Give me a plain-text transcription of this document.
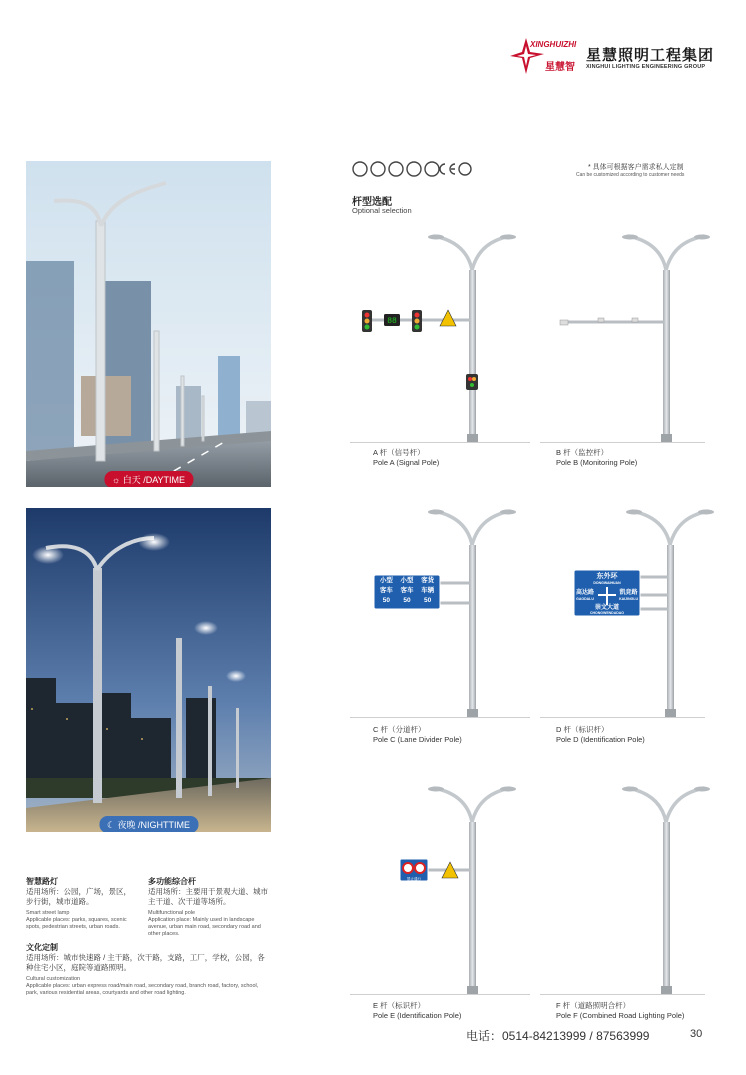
XINGHUIZHI
星慧智
星慧照明工程集团
XINGHUI LIGHTING ENGINEERING GROUP
☼ 白天 /DAYTIME
☾ 夜晚 /NIGHTTIME
智慧路灯
适用场所：公园，广场，景区，步行街，城市道路。
Smart street lamp
Applicable places: parks, squares, scenic spots, pedestrian streets, urban roads.
多功能综合杆
适用场所：主要用于景观大道、城市主干道、次干道等场所。
Multifunctional pole
Application place: Mainly used in landscape avenue, urban main road, secondary road and other places.
文化定制
适用场所：城市快速路 / 主干路，次干路，支路，工厂，学校，公园，各种住宅小区，庭院等道路照明。
Cultural customization
Applicable places: urban express road/main road, secondary road, branch road, factory, school, park, various residential areas, courtyards and other road lighting.
* 具体可根据客户需求私人定制
Can be customized according to customer needs
杆型选配
Optional selection
88
小型	小型	客货
客车	客车	车辆
50	50	50
东外环
DONGWAIHUAN
高达路
GAODALU
凯竞路
KAIJINGLU
崇文大道
CHONGWENDADAO
禁止通行
A 杆（信号杆）
Pole A (Signal Pole)
B 杆（监控杆）
Pole B (Monitoring Pole)
C 杆（分道杆）
Pole C (Lane Divider Pole)
D 杆（标识杆）
Pole D (Identification Pole)
E 杆（标识杆）
Pole E (Identification Pole)
F 杆（道路照明合杆）
Pole F (Combined Road Lighting Pole)
电话：0514-84213999 / 87563999	30
